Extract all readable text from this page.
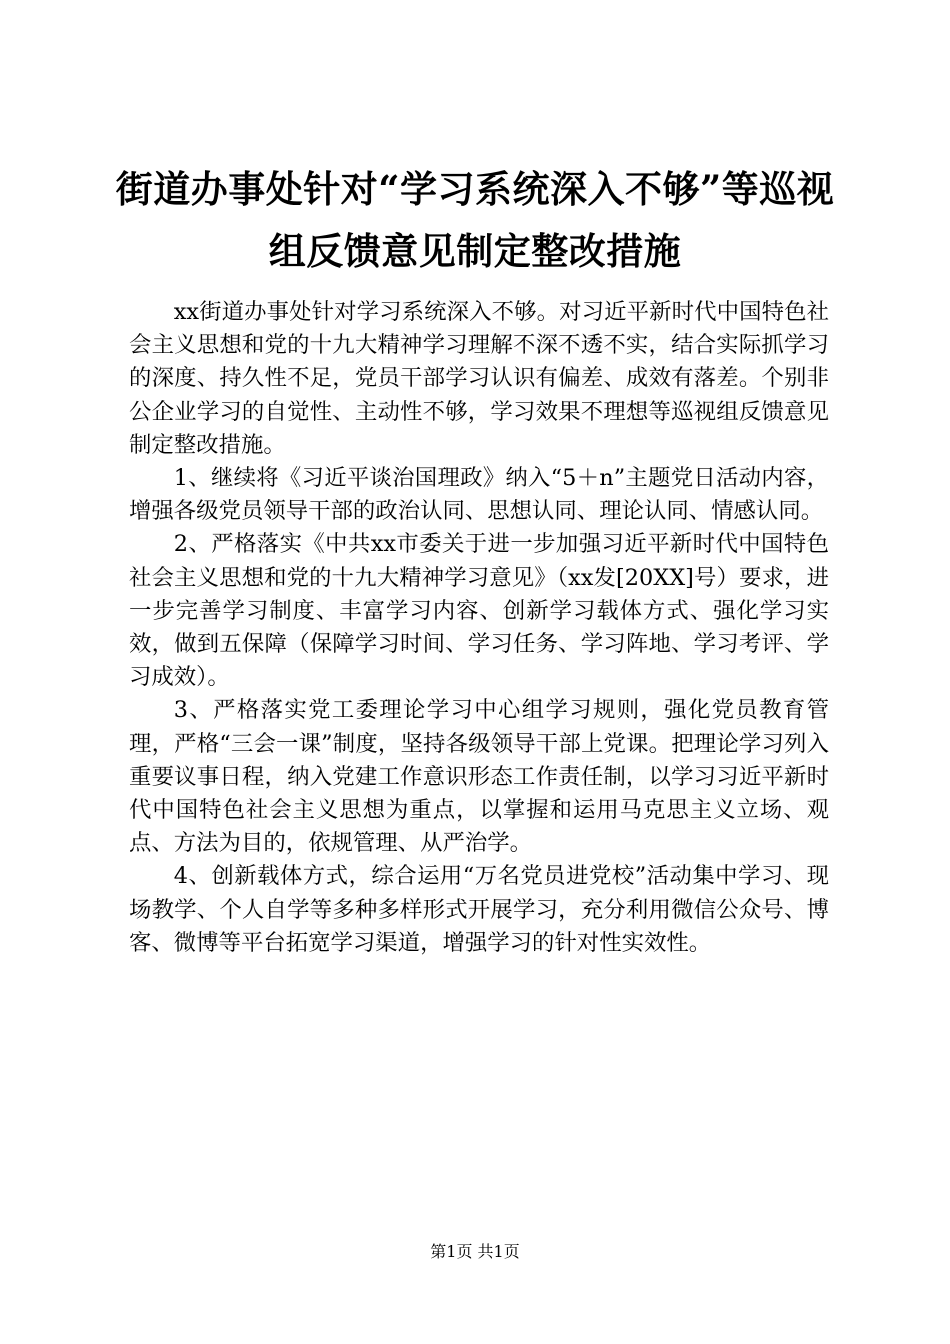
街道办事处针对“学习系统深入不够”等巡视
组反馈意见制定整改措施

xx街道办事处针对学习系统深入不够。对习近平新时代中国特色社会主义思想和党的十九大精神学习理解不深不透不实，结合实际抓学习的深度、持久性不足，党员干部学习认识有偏差、成效有落差。个别非公企业学习的自觉性、主动性不够，学习效果不理想等巡视组反馈意见制定整改措施。

1、继续将《习近平谈治国理政》纳入“5＋n”主题党日活动内容，增强各级党员领导干部的政治认同、思想认同、理论认同、情感认同。

2、严格落实《中共xx市委关于进一步加强习近平新时代中国特色社会主义思想和党的十九大精神学习意见》（xx发[20XX]号）要求，进一步完善学习制度、丰富学习内容、创新学习载体方式、强化学习实效，做到五保障（保障学习时间、学习任务、学习阵地、学习考评、学习成效）。

3、严格落实党工委理论学习中心组学习规则，强化党员教育管理，严格“三会一课”制度，坚持各级领导干部上党课。把理论学习列入重要议事日程，纳入党建工作意识形态工作责任制，以学习习近平新时代中国特色社会主义思想为重点，以掌握和运用马克思主义立场、观点、方法为目的，依规管理、从严治学。

4、创新载体方式，综合运用“万名党员进党校”活动集中学习、现场教学、个人自学等多种多样形式开展学习，充分利用微信公众号、博客、微博等平台拓宽学习渠道，增强学习的针对性实效性。

第1页 共1页
